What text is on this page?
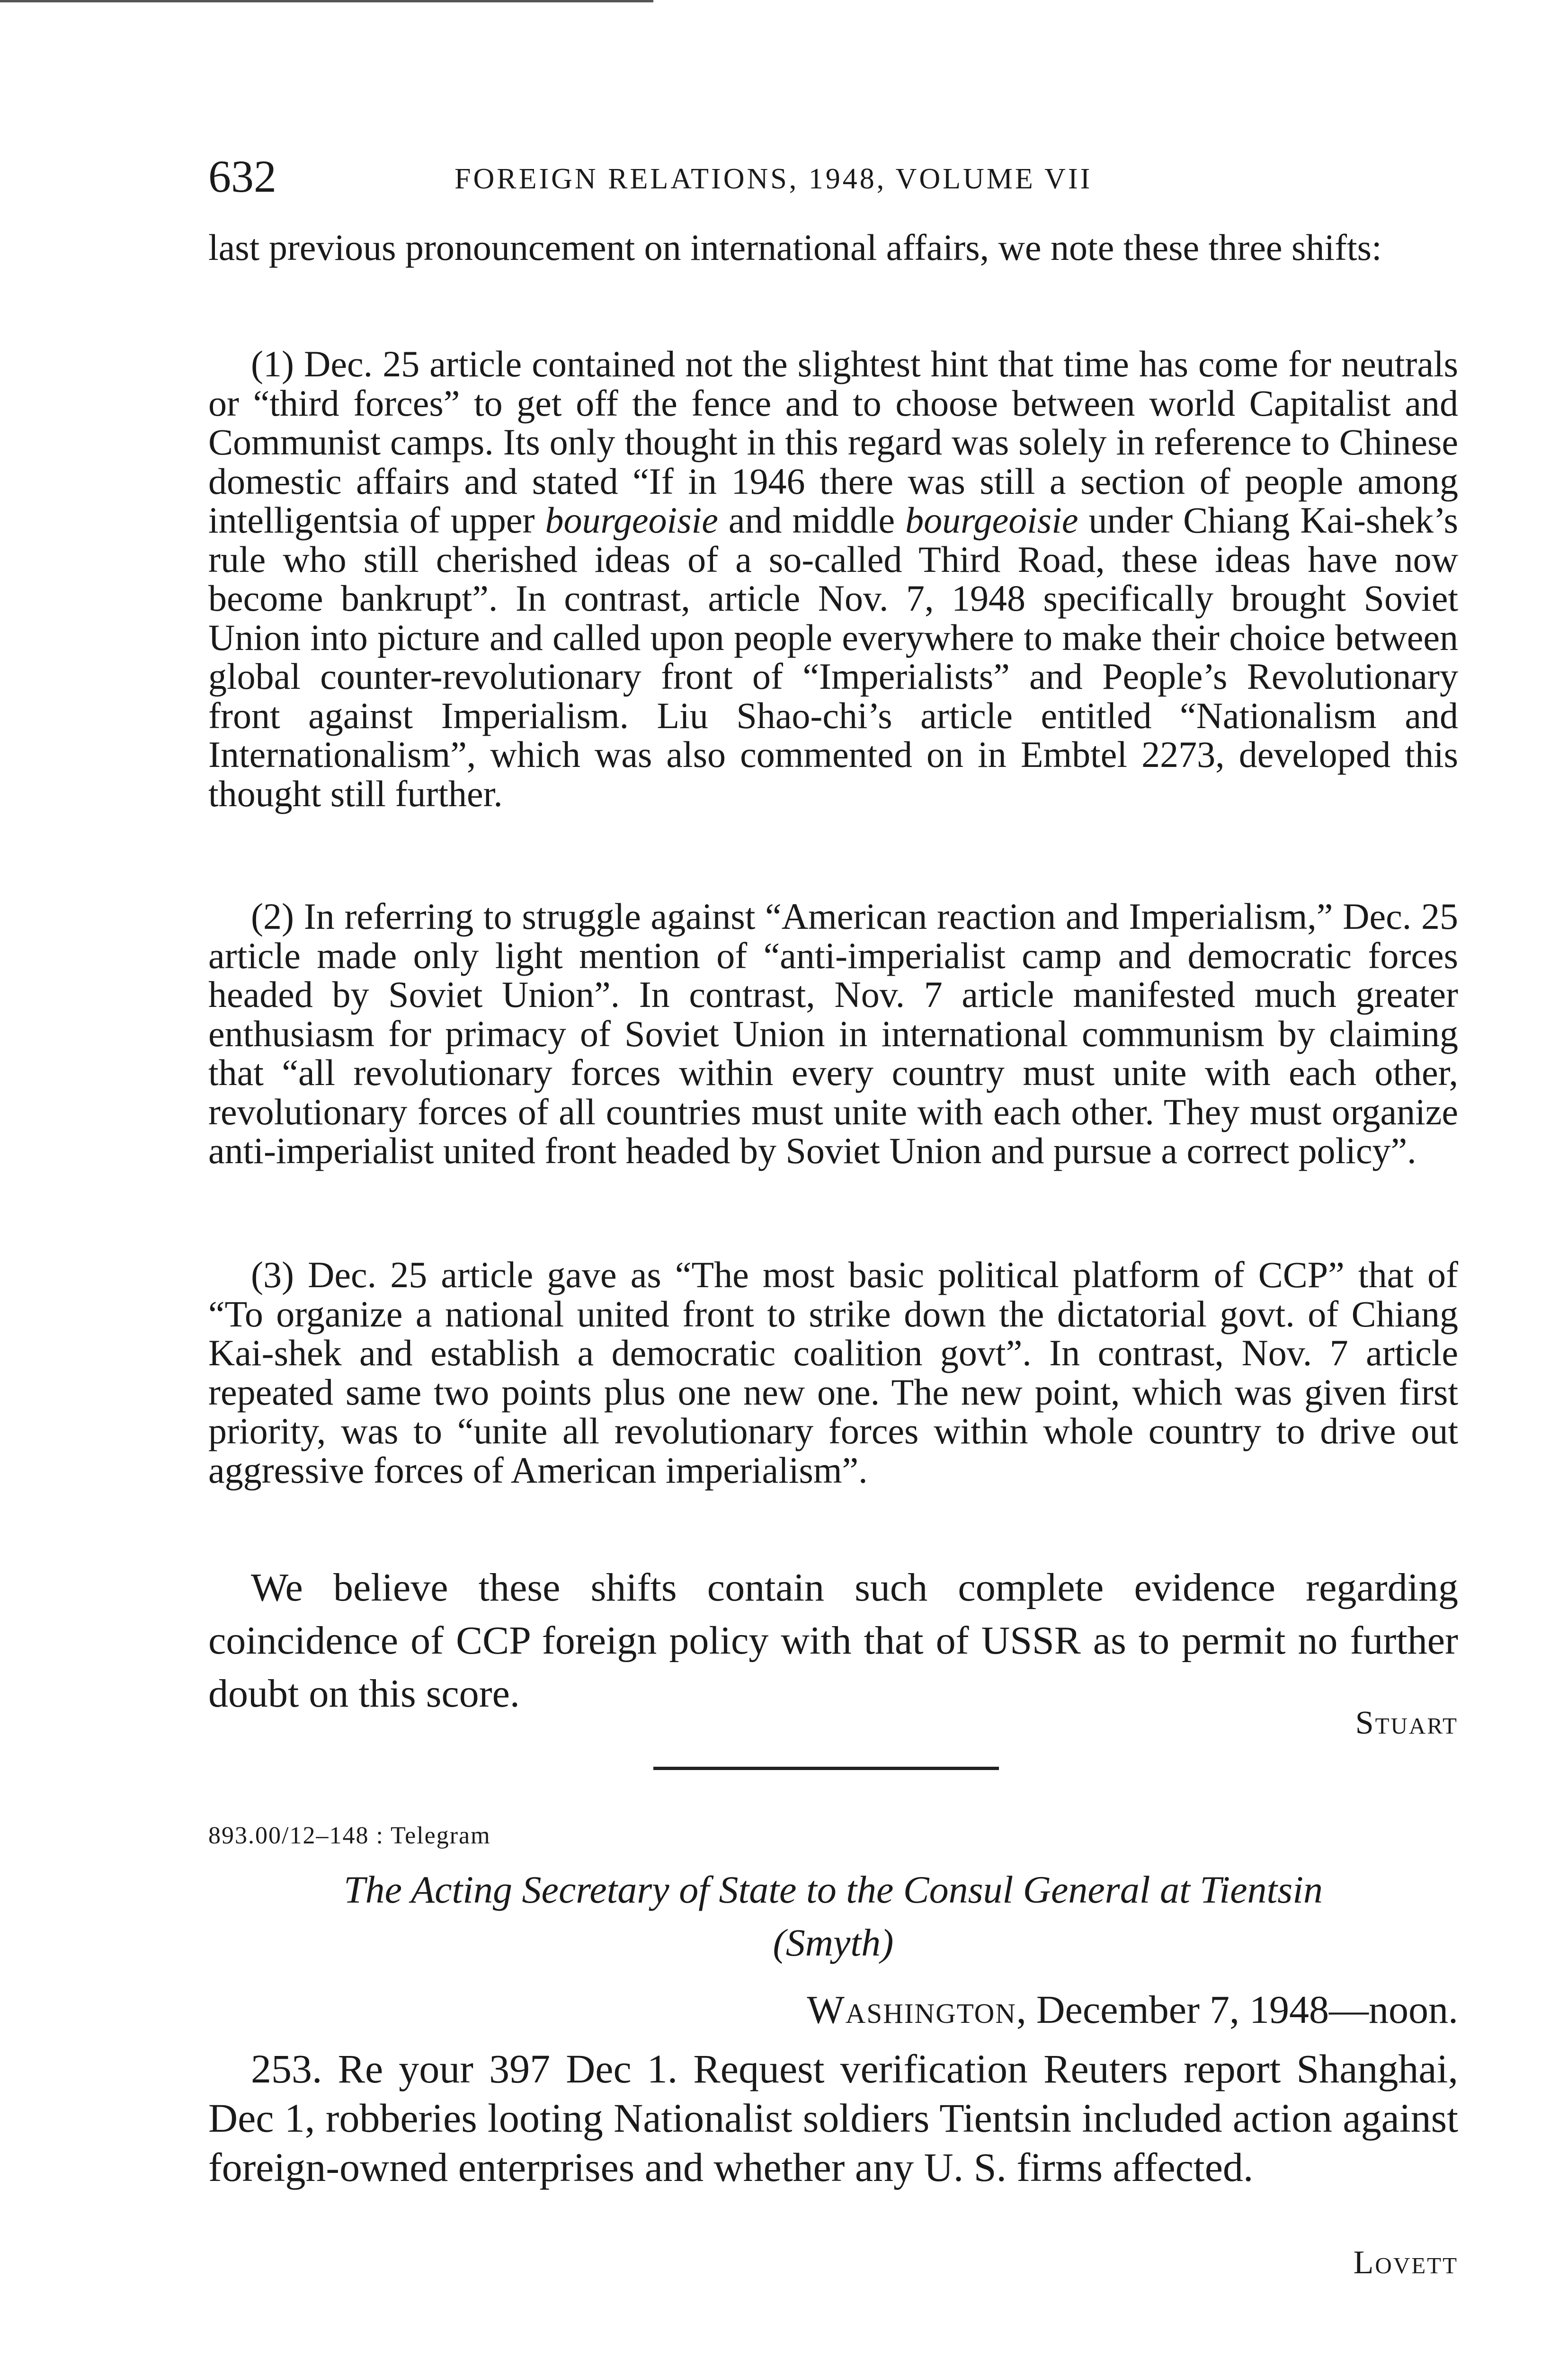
632	FOREIGN RELATIONS, 1948, VOLUME VII

last previous pronouncement on international affairs, we note these three shifts:

(1) Dec. 25 article contained not the slightest hint that time has come for neutrals or “third forces” to get off the fence and to choose between world Capitalist and Communist camps. Its only thought in this regard was solely in reference to Chinese domestic affairs and stated “If in 1946 there was still a section of people among intelligentsia of upper bourgeoisie and middle bourgeoisie under Chiang Kai-shek’s rule who still cherished ideas of a so-called Third Road, these ideas have now become bankrupt”. In contrast, article Nov. 7, 1948 specifically brought Soviet Union into picture and called upon people everywhere to make their choice between global counter-revolutionary front of “Imperialists” and People’s Revolutionary front against Imperialism. Liu Shao-chi’s article entitled “Nationalism and Internationalism”, which was also commented on in Embtel 2273, developed this thought still further.

(2) In referring to struggle against “American reaction and Imperialism,” Dec. 25 article made only light mention of “anti-imperialist camp and democratic forces headed by Soviet Union”. In contrast, Nov. 7 article manifested much greater enthusiasm for primacy of Soviet Union in international communism by claiming that “all revolutionary forces within every country must unite with each other, revolutionary forces of all countries must unite with each other. They must organize anti-imperialist united front headed by Soviet Union and pursue a correct policy”.

(3) Dec. 25 article gave as “The most basic political platform of CCP” that of “To organize a national united front to strike down the dictatorial govt. of Chiang Kai-shek and establish a democratic coalition govt”. In contrast, Nov. 7 article repeated same two points plus one new one. The new point, which was given first priority, was to “unite all revolutionary forces within whole country to drive out aggressive forces of American imperialism”.

We believe these shifts contain such complete evidence regarding coincidence of CCP foreign policy with that of USSR as to permit no further doubt on this score.

Stuart
893.00/12–148 : Telegram
The Acting Secretary of State to the Consul General at Tientsin
(Smyth)
Washington, December 7, 1948—noon.

253. Re your 397 Dec 1. Request verification Reuters report Shanghai, Dec 1, robberies looting Nationalist soldiers Tientsin included action against foreign-owned enterprises and whether any U. S. firms affected.

Lovett
